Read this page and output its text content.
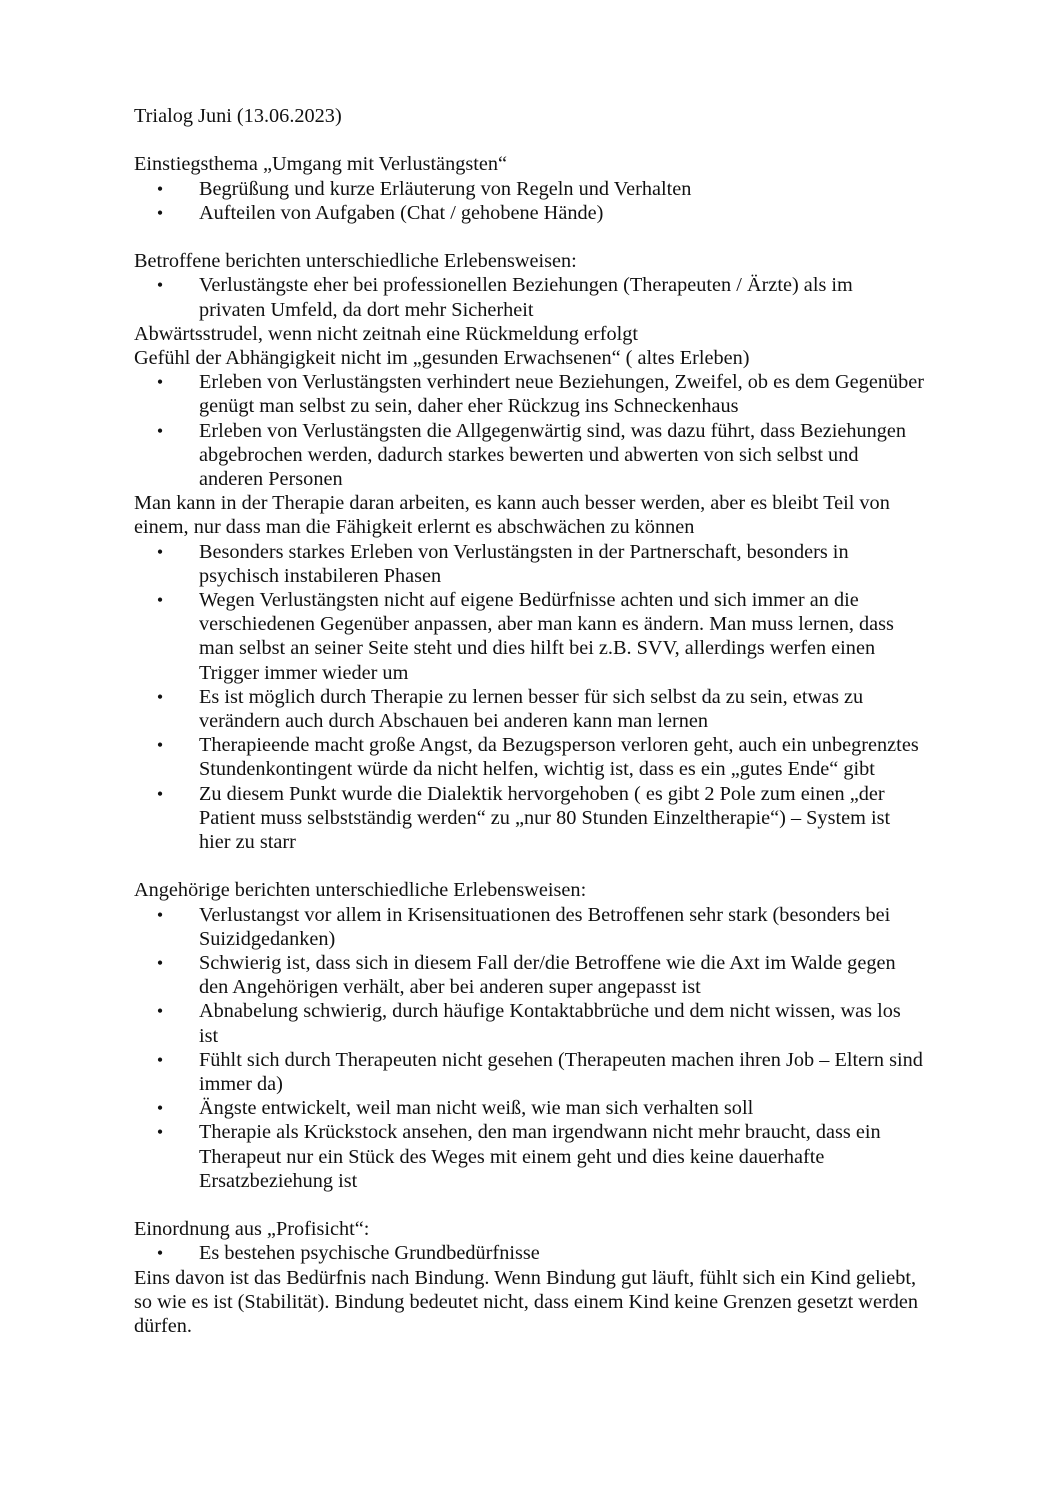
Trialog Juni (13.06.2023)

Einstiegsthema „Umgang mit Verlustängsten“

• Begrüßung und kurze Erläuterung von Regeln und Verhalten
• Aufteilen von Aufgaben (Chat / gehobene Hände)

Betroffene berichten unterschiedliche Erlebensweisen:

• Verlustängste eher bei professionellen Beziehungen (Therapeuten / Ärzte) als im privaten Umfeld, da dort mehr Sicherheit

Abwärtsstrudel, wenn nicht zeitnah eine Rückmeldung erfolgt

Gefühl der Abhängigkeit nicht im „gesunden Erwachsenen“ ( altes Erleben)

• Erleben von Verlustängsten verhindert neue Beziehungen, Zweifel, ob es dem Gegenüber genügt man selbst zu sein, daher eher Rückzug ins Schneckenhaus
• Erleben von Verlustängsten die Allgegenwärtig sind, was dazu führt, dass Beziehungen abgebrochen werden, dadurch starkes bewerten und abwerten von sich selbst und anderen Personen

Man kann in der Therapie daran arbeiten, es kann auch besser werden, aber es bleibt Teil von einem, nur dass man die Fähigkeit erlernt es abschwächen zu können

• Besonders starkes Erleben von Verlustängsten in der Partnerschaft, besonders in psychisch instabileren Phasen
• Wegen Verlustängsten nicht auf eigene Bedürfnisse achten und sich immer an die verschiedenen Gegenüber anpassen, aber man kann es ändern. Man muss lernen, dass man selbst an seiner Seite steht und dies hilft bei z.B. SVV, allerdings werfen einen Trigger immer wieder um
• Es ist möglich durch Therapie zu lernen besser für sich selbst da zu sein, etwas zu verändern auch durch Abschauen bei anderen kann man lernen
• Therapieende macht große Angst, da Bezugsperson verloren geht, auch ein unbegrenztes Stundenkontingent würde da nicht helfen, wichtig ist, dass es ein „gutes Ende“ gibt
• Zu diesem Punkt wurde die Dialektik hervorgehoben ( es gibt 2 Pole zum einen „der Patient muss selbstständig werden“ zu „nur 80 Stunden Einzeltherapie“) – System ist hier zu starr

Angehörige berichten unterschiedliche Erlebensweisen:

• Verlustangst vor allem in Krisensituationen des Betroffenen sehr stark (besonders bei Suizidgedanken)
• Schwierig ist, dass sich in diesem Fall der/die Betroffene wie die Axt im Walde gegen den Angehörigen verhält, aber bei anderen super angepasst ist
• Abnabelung schwierig, durch häufige Kontaktabbrüche und dem nicht wissen, was los ist
• Fühlt sich durch Therapeuten nicht gesehen (Therapeuten machen ihren Job – Eltern sind immer da)
• Ängste entwickelt, weil man nicht weiß, wie man sich verhalten soll
• Therapie als Krückstock ansehen, den man irgendwann nicht mehr braucht, dass ein Therapeut nur ein Stück des Weges mit einem geht und dies keine dauerhafte Ersatzbeziehung ist

Einordnung aus „Profisicht“:

• Es bestehen psychische Grundbedürfnisse

Eins davon ist das Bedürfnis nach Bindung. Wenn Bindung gut läuft, fühlt sich ein Kind geliebt, so wie es ist (Stabilität). Bindung bedeutet nicht, dass einem Kind keine Grenzen gesetzt werden dürfen.
